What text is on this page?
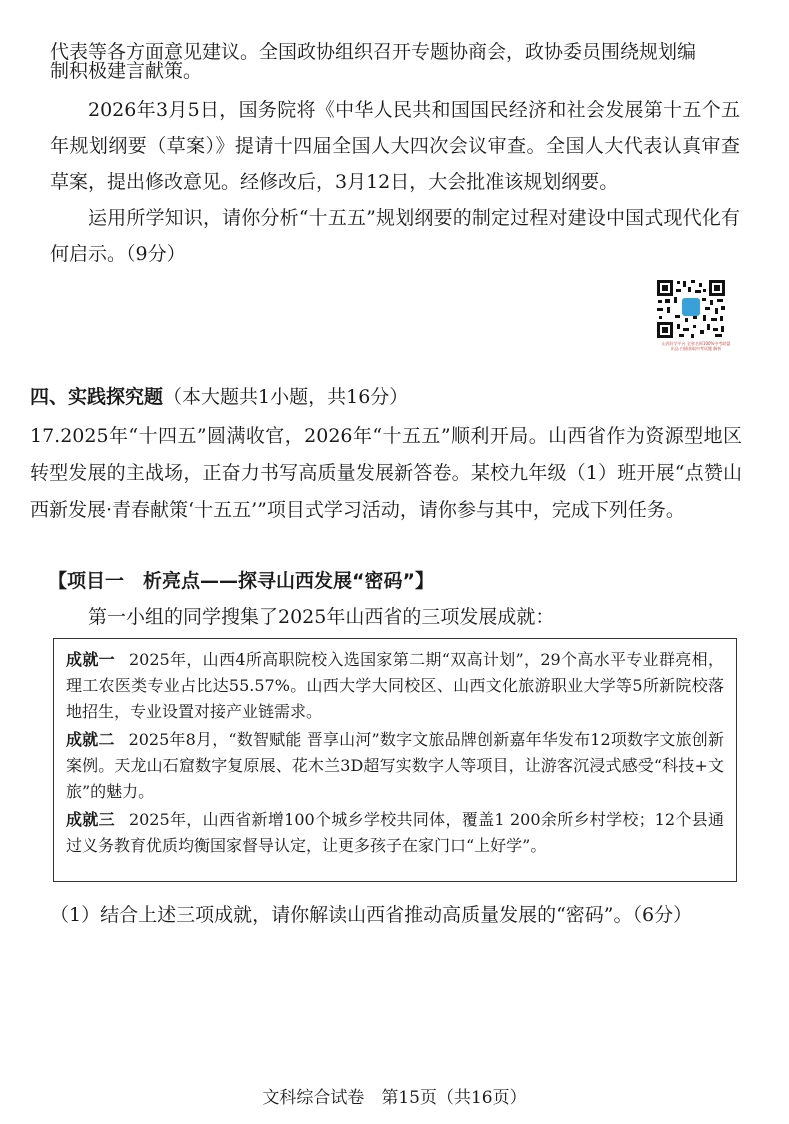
代表等各方面意见建议。全国政协组织召开专题协商会，政协委员围绕规划编

制积极建言献策。

2026年3月5日，国务院将《中华人民共和国国民经济和社会发展第十五个五年规划纲要（草案）》提请十四届全国人大四次会议审查。全国人大代表认真审查草案，提出修改意见。经修改后，3月12日，大会批准该规划纲要。

运用所学知识，请你分析“十五五”规划纲要的制定过程对建设中国式现代化有何启示。（9分）

山西好学平台 全省名师100%中考联盟出品 扫描获取中考试题 解析
四、实践探究题（本大题共1小题，共16分）
17.2025年“十四五”圆满收官，2026年“十五五”顺利开局。山西省作为资源型地区转型发展的主战场，正奋力书写高质量发展新答卷。某校九年级（1）班开展“点赞山西新发展·青春献策‘十五五’”项目式学习活动，请你参与其中，完成下列任务。
【项目一　析亮点——探寻山西发展“密码”】
第一小组的同学搜集了2025年山西省的三项发展成就：

成就一 2025年，山西4所高职院校入选国家第二期“双高计划”，29个高水平专业群亮相，理工农医类专业占比达55.57%。山西大学大同校区、山西文化旅游职业大学等5所新院校落地招生，专业设置对接产业链需求。

成就二 2025年8月，“数智赋能 晋享山河”数字文旅品牌创新嘉年华发布12项数字文旅创新案例。天龙山石窟数字复原展、花木兰3D超写实数字人等项目，让游客沉浸式感受“科技+文旅”的魅力。

成就三 2025年，山西省新增100个城乡学校共同体，覆盖1 200余所乡村学校；12个县通过义务教育优质均衡国家督导认定，让更多孩子在家门口“上好学”。

（1）结合上述三项成就，请你解读山西省推动高质量发展的“密码”。（6分）
文科综合试卷　第15页（共16页）
